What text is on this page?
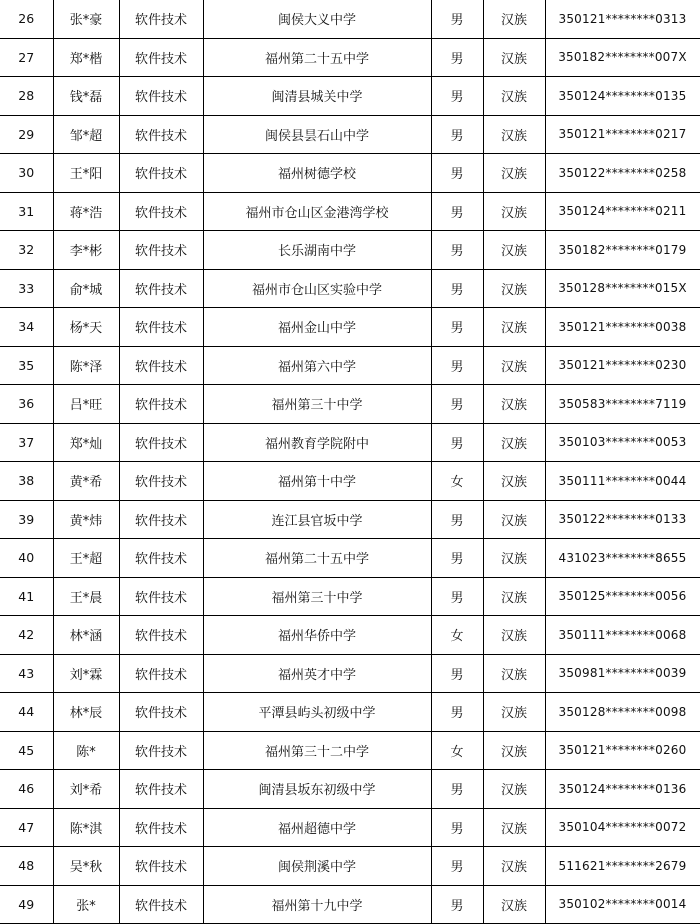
26	张*豪	软件技术	闽侯大义中学	男	汉族	350121********0313
27	郑*楷	软件技术	福州第二十五中学	男	汉族	350182********007X
28	钱*磊	软件技术	闽清县城关中学	男	汉族	350124********0135
29	邹*超	软件技术	闽侯县昙石山中学	男	汉族	350121********0217
30	王*阳	软件技术	福州树德学校	男	汉族	350122********0258
31	蒋*浩	软件技术	福州市仓山区金港湾学校	男	汉族	350124********0211
32	李*彬	软件技术	长乐湖南中学	男	汉族	350182********0179
33	俞*城	软件技术	福州市仓山区实验中学	男	汉族	350128********015X
34	杨*天	软件技术	福州金山中学	男	汉族	350121********0038
35	陈*泽	软件技术	福州第六中学	男	汉族	350121********0230
36	吕*旺	软件技术	福州第三十中学	男	汉族	350583********7119
37	郑*灿	软件技术	福州教育学院附中	男	汉族	350103********0053
38	黄*希	软件技术	福州第十中学	女	汉族	350111********0044
39	黄*炜	软件技术	连江县官坂中学	男	汉族	350122********0133
40	王*超	软件技术	福州第二十五中学	男	汉族	431023********8655
41	王*晨	软件技术	福州第三十中学	男	汉族	350125********0056
42	林*涵	软件技术	福州华侨中学	女	汉族	350111********0068
43	刘*霖	软件技术	福州英才中学	男	汉族	350981********0039
44	林*辰	软件技术	平潭县屿头初级中学	男	汉族	350128********0098
45	陈*	软件技术	福州第三十二中学	女	汉族	350121********0260
46	刘*希	软件技术	闽清县坂东初级中学	男	汉族	350124********0136
47	陈*淇	软件技术	福州超德中学	男	汉族	350104********0072
48	吴*秋	软件技术	闽侯荆溪中学	男	汉族	511621********2679
49	张*	软件技术	福州第十九中学	男	汉族	350102********0014
